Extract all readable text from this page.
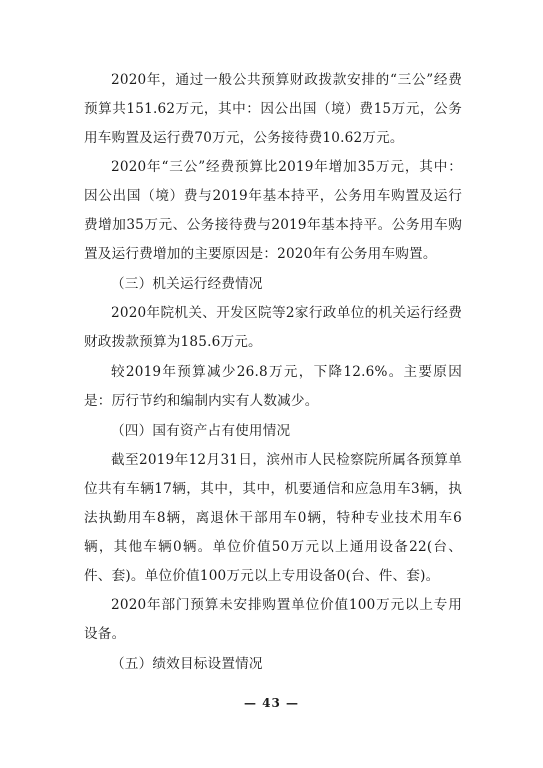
2020年，通过一般公共预算财政拨款安排的“三公”经费预算共151.62万元，其中：因公出国（境）费15万元，公务用车购置及运行费70万元，公务接待费10.62万元。

2020年“三公”经费预算比2019年增加35万元，其中：因公出国（境）费与2019年基本持平，公务用车购置及运行费增加35万元、公务接待费与2019年基本持平。公务用车购置及运行费增加的主要原因是：2020年有公务用车购置。

（三）机关运行经费情况

2020年院机关、开发区院等2家行政单位的机关运行经费财政拨款预算为185.6万元。

较2019年预算减少26.8万元，下降12.6%。主要原因是：厉行节约和编制内实有人数减少。

（四）国有资产占有使用情况

截至2019年12月31日，滨州市人民检察院所属各预算单位共有车辆17辆，其中，其中，机要通信和应急用车3辆，执法执勤用车8辆，离退休干部用车0辆，特种专业技术用车6辆，其他车辆0辆。单位价值50万元以上通用设备22(台、件、套)。单位价值100万元以上专用设备0(台、件、套)。

2020年部门预算未安排购置单位价值100万元以上专用设备。

（五）绩效目标设置情况

— 43 —
